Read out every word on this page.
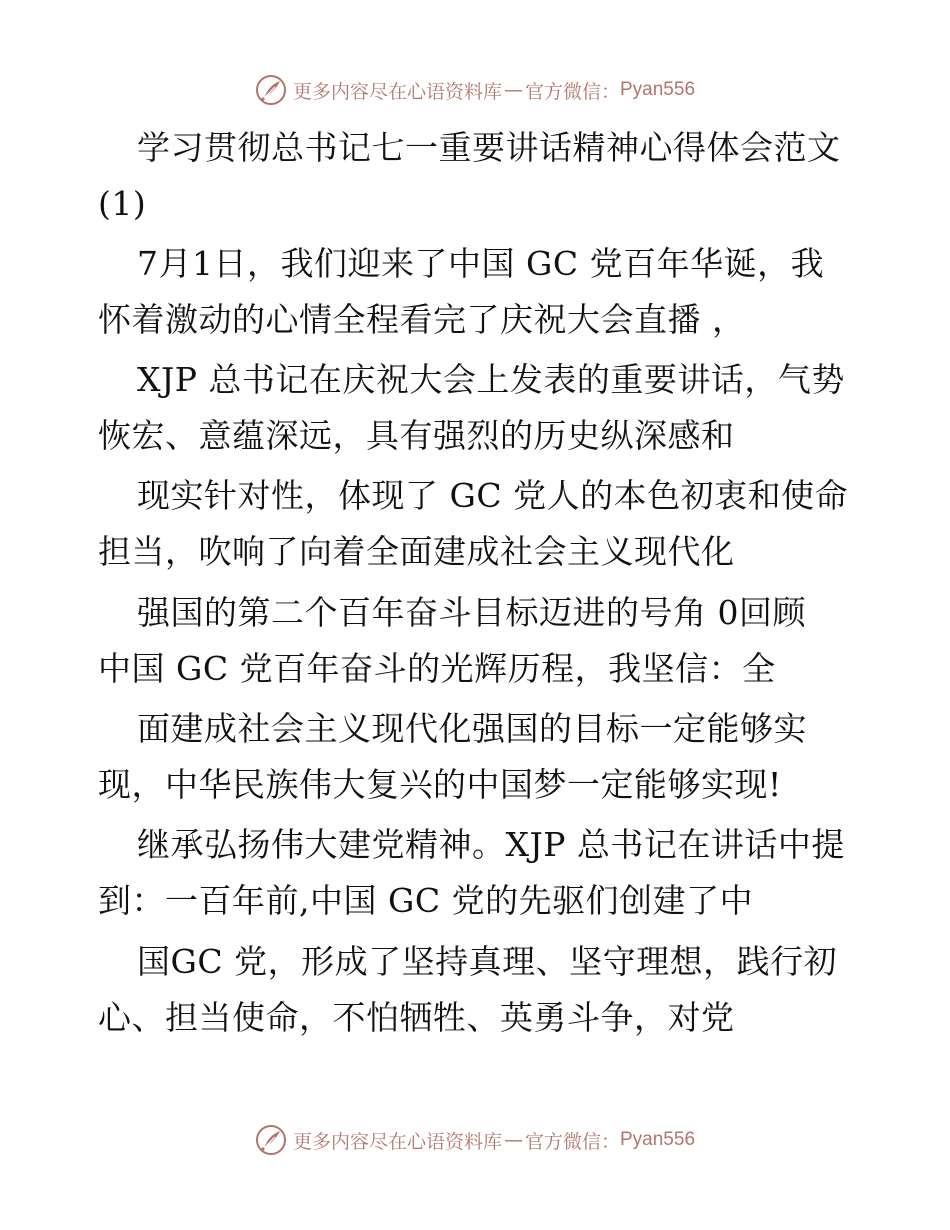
更多内容尽在心语资料库 — 官方微信： Pyan556
学习贯彻总书记七一重要讲话精神心得体会范文
(1)
7月1日，我们迎来了中国 GC 党百年华诞，我
怀着激动的心情全程看完了庆祝大会直播 ，
XJP 总书记在庆祝大会上发表的重要讲话，气势
恢宏、意蕴深远，具有强烈的历史纵深感和
现实针对性，体现了 GC 党人的本色初衷和使命
担当，吹响了向着全面建成社会主义现代化
强国的第二个百年奋斗目标迈进的号角 0回顾
中国 GC 党百年奋斗的光辉历程，我坚信：全
面建成社会主义现代化强国的目标一定能够实
现，中华民族伟大复兴的中国梦一定能够实现!
继承弘扬伟大建党精神。XJP 总书记在讲话中提
到：一百年前,中国 GC 党的先驱们创建了中
国GC 党，形成了坚持真理、坚守理想，践行初
心、担当使命，不怕牺牲、英勇斗争，对党
更多内容尽在心语资料库 — 官方微信： Pyan556
